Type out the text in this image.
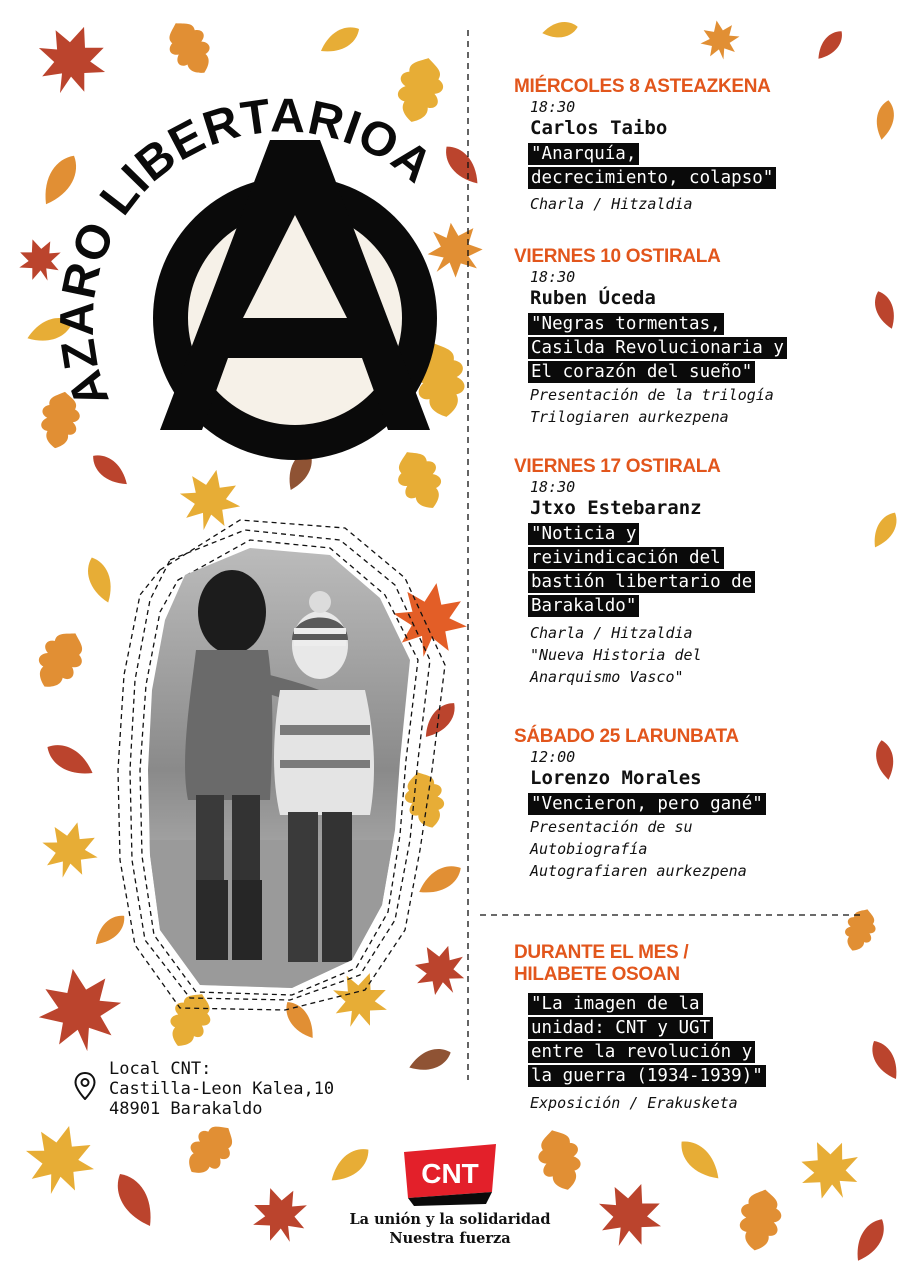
AZARO LIBERTARIOA
MIÉRCOLES 8 ASTEAZKENA
18:30
Carlos Taibo
"Anarquía,
decrecimiento, colapso"
Charla / Hitzaldia
VIERNES 10 OSTIRALA
18:30
Ruben Úceda
"Negras tormentas,
Casilda Revolucionaria y
El corazón del sueño"
Presentación de la trilogía
Trilogiaren aurkezpena
VIERNES 17 OSTIRALA
18:30
Jtxo Estebaranz
"Noticia y
reivindicación del
bastión libertario de
Barakaldo"
Charla / Hitzaldia
"Nueva Historia del
Anarquismo Vasco"
SÁBADO 25 LARUNBATA
12:00
Lorenzo Morales
"Vencieron, pero gané"
Presentación de su
Autobiografía
Autografiaren aurkezpena
DURANTE EL MES /
HILABETE OSOAN
"La imagen de la
unidad: CNT y UGT
entre la revolución y
la guerra (1934-1939)"
Exposición / Erakusketa
Local CNT:
Castilla-Leon Kalea,10
48901 Barakaldo
CNT
La unión y la solidaridad
Nuestra fuerza
